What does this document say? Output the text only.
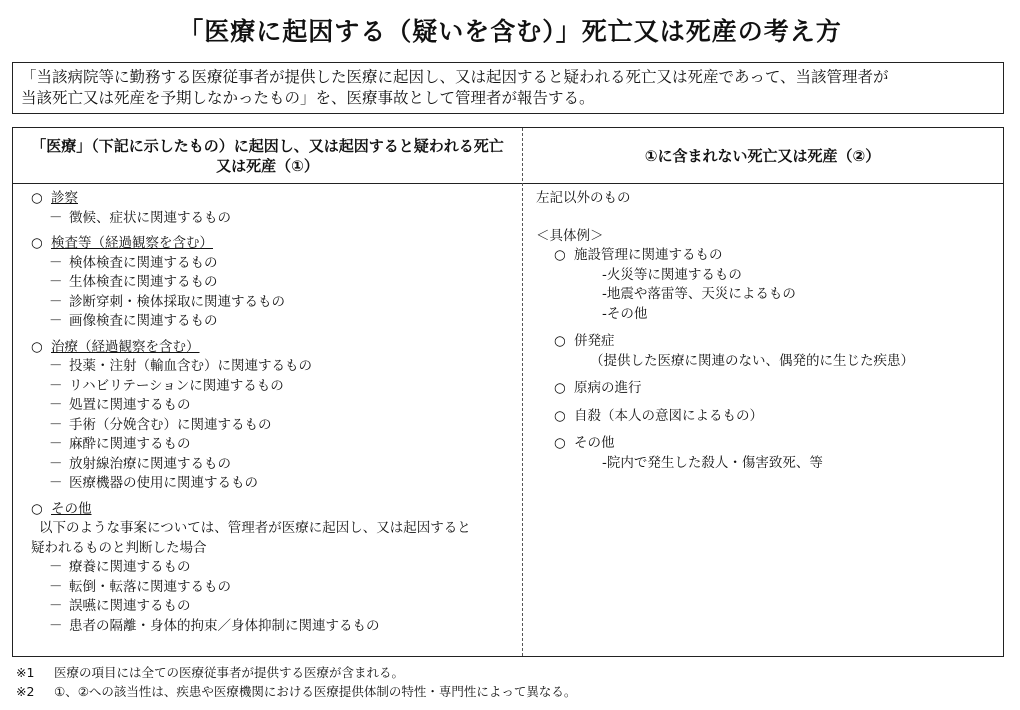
「医療に起因する（疑いを含む）」死亡又は死産の考え方
「当該病院等に勤務する医療従事者が提供した医療に起因し、又は起因すると疑われる死亡又は死産であって、当該管理者が
当該死亡又は死産を予期しなかったもの」を、医療事故として管理者が報告する。
「医療」（下記に示したもの）に起因し、又は起因すると疑われる死亡
又は死産（①）
①に含まれない死亡又は死産（②）
○ 診察
－ 徴候、症状に関連するもの
○ 検査等（経過観察を含む）
－ 検体検査に関連するもの
－ 生体検査に関連するもの
－ 診断穿刺・検体採取に関連するもの
－ 画像検査に関連するもの
○ 治療（経過観察を含む）
－ 投薬・注射（輸血含む）に関連するもの
－ リハビリテーションに関連するもの
－ 処置に関連するもの
－ 手術（分娩含む）に関連するもの
－ 麻酔に関連するもの
－ 放射線治療に関連するもの
－ 医療機器の使用に関連するもの
○ その他
以下のような事案については、管理者が医療に起因し、又は起因すると
疑われるものと判断した場合
－ 療養に関連するもの
－ 転倒・転落に関連するもの
－ 誤嚥に関連するもの
－ 患者の隔離・身体的拘束／身体抑制に関連するもの
左記以外のもの
＜具体例＞
○ 施設管理に関連するもの
-火災等に関連するもの
-地震や落雷等、天災によるもの
-その他
○ 併発症
（提供した医療に関連のない、偶発的に生じた疾患）
○ 原病の進行
○ 自殺（本人の意図によるもの）
○ その他
-院内で発生した殺人・傷害致死、等
※1	医療の項目には全ての医療従事者が提供する医療が含まれる。
※2	①、②への該当性は、疾患や医療機関における医療提供体制の特性・専門性によって異なる。
